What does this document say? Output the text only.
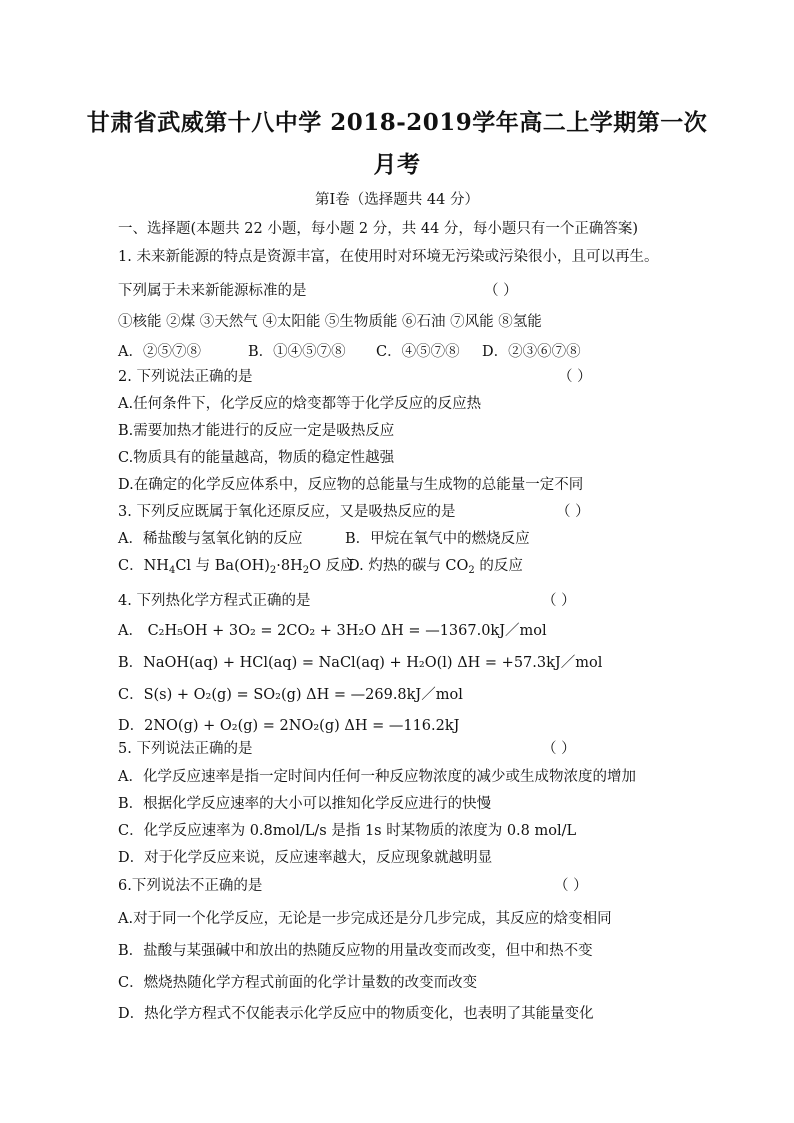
甘肃省武威第十八中学 2018-2019学年高二上学期第一次
月考
第Ⅰ卷（选择题共 44 分）
一、选择题(本题共 22 小题，每小题 2 分，共 44 分，每小题只有一个正确答案)
1. 未来新能源的特点是资源丰富，在使用时对环境无污染或污染很小，且可以再生。
下列属于未来新能源标准的是	（ ）
①核能 ②煤 ③天然气 ④太阳能 ⑤生物质能 ⑥石油 ⑦风能 ⑧氢能
A．②⑤⑦⑧	B．①④⑤⑦⑧ C．④⑤⑦⑧ D．②③⑥⑦⑧
2. 下列说法正确的是	（ ）
A.任何条件下，化学反应的焓变都等于化学反应的反应热
B.需要加热才能进行的反应一定是吸热反应
C.物质具有的能量越高，物质的稳定性越强
D.在确定的化学反应体系中，反应物的总能量与生成物的总能量一定不同
3. 下列反应既属于氧化还原反应，又是吸热反应的是	（ ）
A．稀盐酸与氢氧化钠的反应	B．甲烷在氧气中的燃烧反应
C．$NH_4Cl$ 与 $Ba(OH)_2\cdot 8H_2O$ 反应
D. 灼热的碳与 $CO_2$ 的反应
4. 下列热化学方程式正确的是	（ ）
A． C₂H₅OH + 3O₂ = 2CO₂ + 3H₂O ΔH = —1367.0kJ／mol
B．NaOH(aq) + HCl(aq) = NaCl(aq) + H₂O(l) ΔH = +57.3kJ／mol
C．S(s) + O₂(g) = SO₂(g) ΔH = —269.8kJ／mol
D．2NO(g) + O₂(g) = 2NO₂(g) ΔH = —116.2kJ
5. 下列说法正确的是	（ ）
A．化学反应速率是指一定时间内任何一种反应物浓度的减少或生成物浓度的增加
B．根据化学反应速率的大小可以推知化学反应进行的快慢
C．化学反应速率为 0.8mol/L/s 是指 1s 时某物质的浓度为 0.8 mol/L
D．对于化学反应来说，反应速率越大，反应现象就越明显
6.下列说法不正确的是	（ ）
A.对于同一个化学反应，无论是一步完成还是分几步完成，其反应的焓变相同
B．盐酸与某强碱中和放出的热随反应物的用量改变而改变，但中和热不变
C．燃烧热随化学方程式前面的化学计量数的改变而改变
D．热化学方程式不仅能表示化学反应中的物质变化，也表明了其能量变化
